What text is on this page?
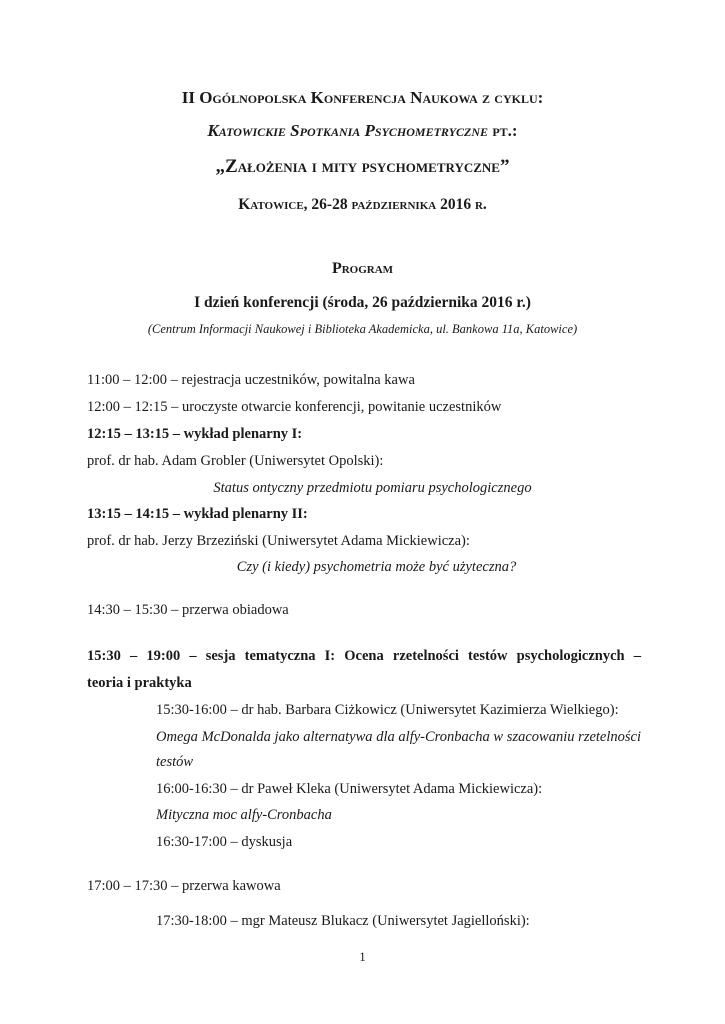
II Ogólnopolska Konferencja Naukowa z cyklu:
Katowickie Spotkania Psychometryczne pt.:
„Założenia i mity psychometryczne”
Katowice, 26-28 października 2016 r.
Program
I dzień konferencji (środa, 26 października 2016 r.)
(Centrum Informacji Naukowej i Biblioteka Akademicka, ul. Bankowa 11a, Katowice)
11:00 – 12:00 – rejestracja uczestników, powitalna kawa
12:00 – 12:15 – uroczyste otwarcie konferencji, powitanie uczestników
12:15 – 13:15 – wykład plenarny I:
prof. dr hab. Adam Grobler (Uniwersytet Opolski):
Status ontyczny przedmiotu pomiaru psychologicznego
13:15 – 14:15 – wykład plenarny II:
prof. dr hab. Jerzy Brzeziński (Uniwersytet Adama Mickiewicza):
Czy (i kiedy) psychometria może być użyteczna?
14:30 – 15:30 – przerwa obiadowa
15:30 – 19:00 – sesja tematyczna I: Ocena rzetelności testów psychologicznych –
teoria i praktyka
15:30-16:00 – dr hab. Barbara Ciżkowicz (Uniwersytet Kazimierza Wielkiego):
Omega McDonalda jako alternatywa dla alfy-Cronbacha w szacowaniu rzetelności
testów
16:00-16:30 – dr Paweł Kleka (Uniwersytet Adama Mickiewicza):
Mityczna moc alfy-Cronbacha
16:30-17:00 – dyskusja
17:00 – 17:30 – przerwa kawowa
17:30-18:00 – mgr Mateusz Blukacz (Uniwersytet Jagielloński):
1
